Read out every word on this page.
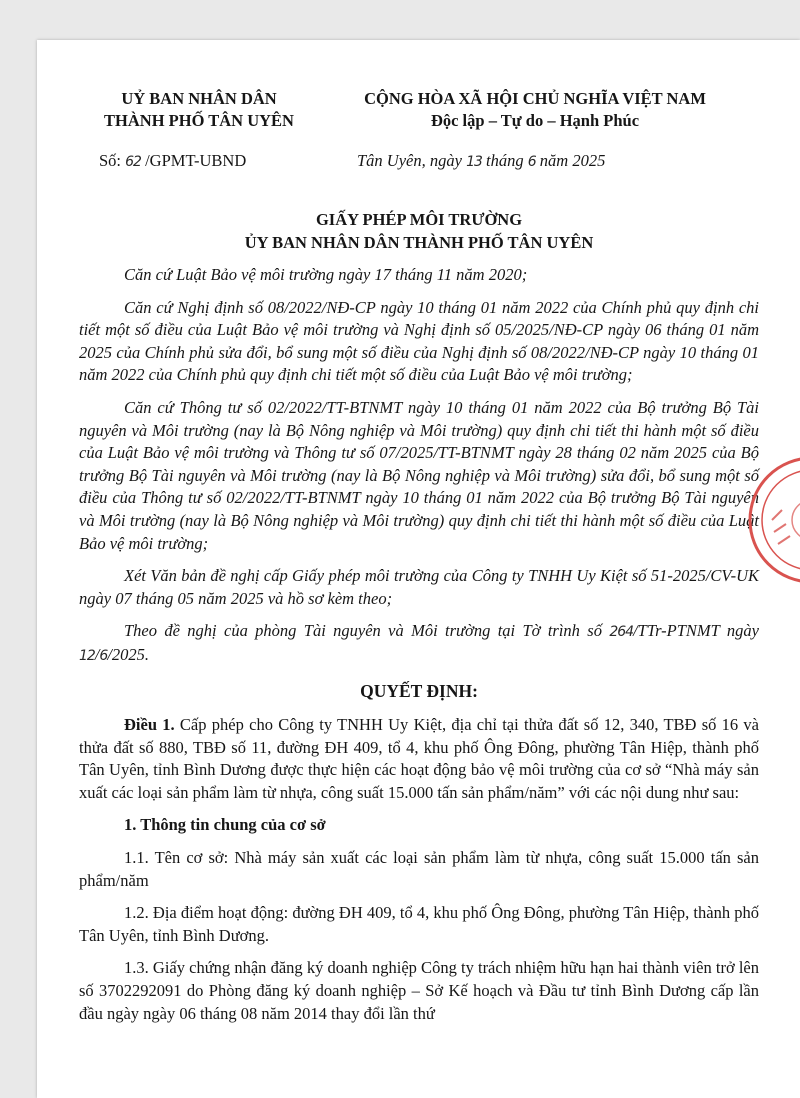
UỶ BAN NHÂN DÂN
THÀNH PHỐ TÂN UYÊN
CỘNG HÒA XÃ HỘI CHỦ NGHĨA VIỆT NAM
Độc lập – Tự do – Hạnh Phúc
Số: 62 /GPMT-UBND	Tân Uyên, ngày 13 tháng 6 năm 2025
GIẤY PHÉP MÔI TRƯỜNG
ỦY BAN NHÂN DÂN THÀNH PHỐ TÂN UYÊN

Căn cứ Luật Bảo vệ môi trường ngày 17 tháng 11 năm 2020;

Căn cứ Nghị định số 08/2022/NĐ-CP ngày 10 tháng 01 năm 2022 của Chính phủ quy định chi tiết một số điều của Luật Bảo vệ môi trường và Nghị định số 05/2025/NĐ-CP ngày 06 tháng 01 năm 2025 của Chính phủ sửa đổi, bổ sung một số điều của Nghị định số 08/2022/NĐ-CP ngày 10 tháng 01 năm 2022 của Chính phủ quy định chi tiết một số điều của Luật Bảo vệ môi trường;

Căn cứ Thông tư số 02/2022/TT-BTNMT ngày 10 tháng 01 năm 2022 của Bộ trưởng Bộ Tài nguyên và Môi trường (nay là Bộ Nông nghiệp và Môi trường) quy định chi tiết thi hành một số điều của Luật Bảo vệ môi trường và Thông tư số 07/2025/TT-BTNMT ngày 28 tháng 02 năm 2025 của Bộ trưởng Bộ Tài nguyên và Môi trường (nay là Bộ Nông nghiệp và Môi trường) sửa đổi, bổ sung một số điều của Thông tư số 02/2022/TT-BTNMT ngày 10 tháng 01 năm 2022 của Bộ trưởng Bộ Tài nguyên và Môi trường (nay là Bộ Nông nghiệp và Môi trường) quy định chi tiết thi hành một số điều của Luật Bảo vệ môi trường;

Xét Văn bản đề nghị cấp Giấy phép môi trường của Công ty TNHH Uy Kiệt số 51-2025/CV-UK ngày 07 tháng 05 năm 2025 và hồ sơ kèm theo;

Theo đề nghị của phòng Tài nguyên và Môi trường tại Tờ trình số 264/TTr-PTNMT ngày 12/6/2025.

QUYẾT ĐỊNH:

Điều 1. Cấp phép cho Công ty TNHH Uy Kiệt, địa chỉ tại thửa đất số 12, 340, TBĐ số 16 và thửa đất số 880, TBĐ số 11, đường ĐH 409, tổ 4, khu phố Ông Đông, phường Tân Hiệp, thành phố Tân Uyên, tỉnh Bình Dương được thực hiện các hoạt động bảo vệ môi trường của cơ sở “Nhà máy sản xuất các loại sản phẩm làm từ nhựa, công suất 15.000 tấn sản phẩm/năm” với các nội dung như sau:

1. Thông tin chung của cơ sở

1.1. Tên cơ sở: Nhà máy sản xuất các loại sản phẩm làm từ nhựa, công suất 15.000 tấn sản phẩm/năm

1.2. Địa điểm hoạt động: đường ĐH 409, tổ 4, khu phố Ông Đông, phường Tân Hiệp, thành phố Tân Uyên, tỉnh Bình Dương.

1.3. Giấy chứng nhận đăng ký doanh nghiệp Công ty trách nhiệm hữu hạn hai thành viên trở lên số 3702292091 do Phòng đăng ký doanh nghiệp – Sở Kế hoạch và Đầu tư tỉnh Bình Dương cấp lần đầu ngày ngày 06 tháng 08 năm 2014 thay đổi lần thứ
